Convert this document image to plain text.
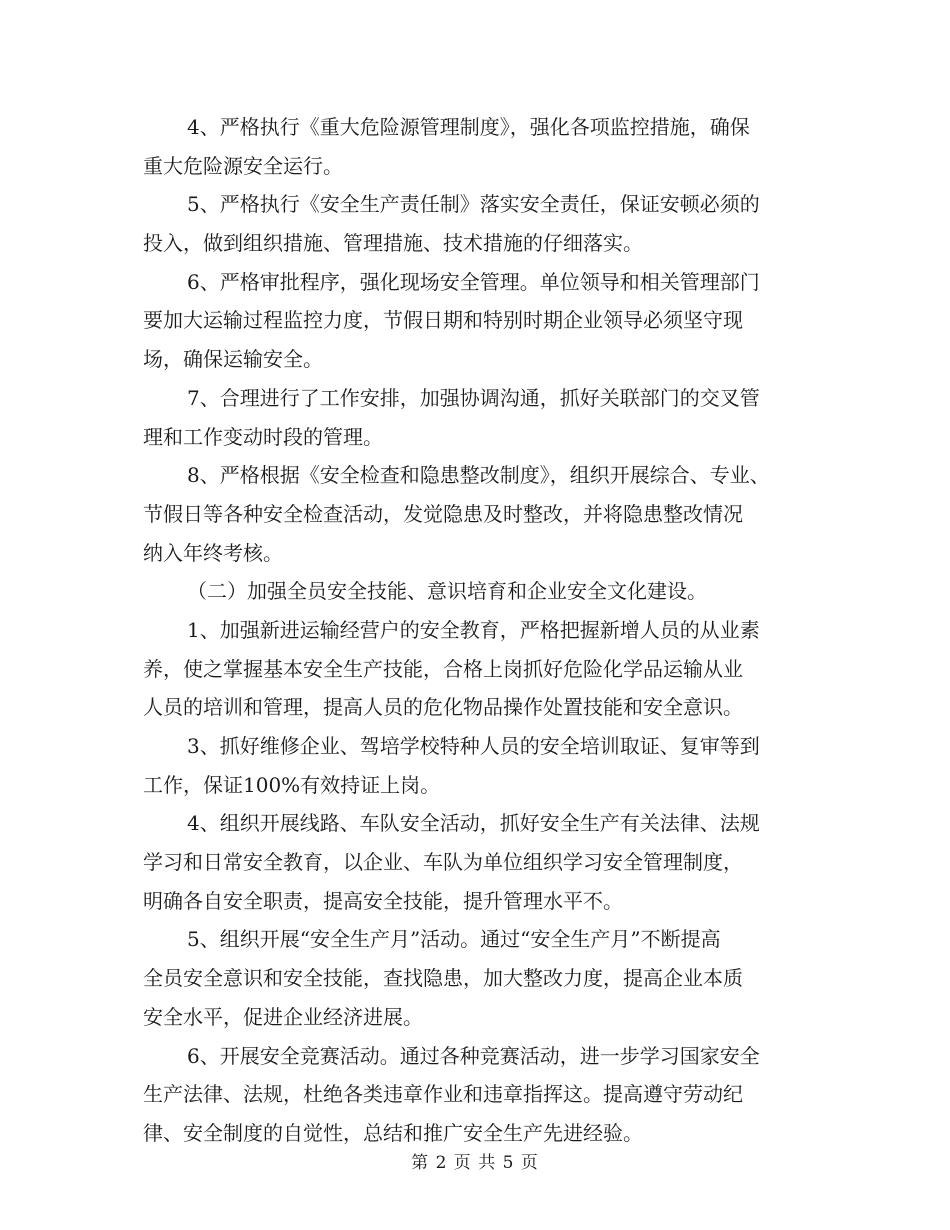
4、严格执行《重大危险源管理制度》，强化各项监控措施，确保
重大危险源安全运行。
5、严格执行《安全生产责任制》落实安全责任，保证安顿必须的
投入，做到组织措施、管理措施、技术措施的仔细落实。
6、严格审批程序，强化现场安全管理。单位领导和相关管理部门
要加大运输过程监控力度，节假日期和特别时期企业领导必须坚守现
场，确保运输安全。
7、合理进行了工作安排，加强协调沟通，抓好关联部门的交叉管
理和工作变动时段的管理。
8、严格根据《安全检查和隐患整改制度》，组织开展综合、专业、
节假日等各种安全检查活动，发觉隐患及时整改，并将隐患整改情况
纳入年终考核。
（二）加强全员安全技能、意识培育和企业安全文化建设。
1、加强新进运输经营户的安全教育，严格把握新增人员的从业素
养，使之掌握基本安全生产技能，合格上岗抓好危险化学品运输从业
人员的培训和管理，提高人员的危化物品操作处置技能和安全意识。
3、抓好维修企业、驾培学校特种人员的安全培训取证、复审等到
工作，保证100%有效持证上岗。
4、组织开展线路、车队安全活动，抓好安全生产有关法律、法规
学习和日常安全教育，以企业、车队为单位组织学习安全管理制度，
明确各自安全职责，提高安全技能，提升管理水平不。
5、组织开展“安全生产月”活动。通过“安全生产月”不断提高
全员安全意识和安全技能，查找隐患，加大整改力度，提高企业本质
安全水平，促进企业经济进展。
6、开展安全竞赛活动。通过各种竞赛活动，进一步学习国家安全
生产法律、法规，杜绝各类违章作业和违章指挥这。提高遵守劳动纪
律、安全制度的自觉性，总结和推广安全生产先进经验。
第 2 页 共 5 页
